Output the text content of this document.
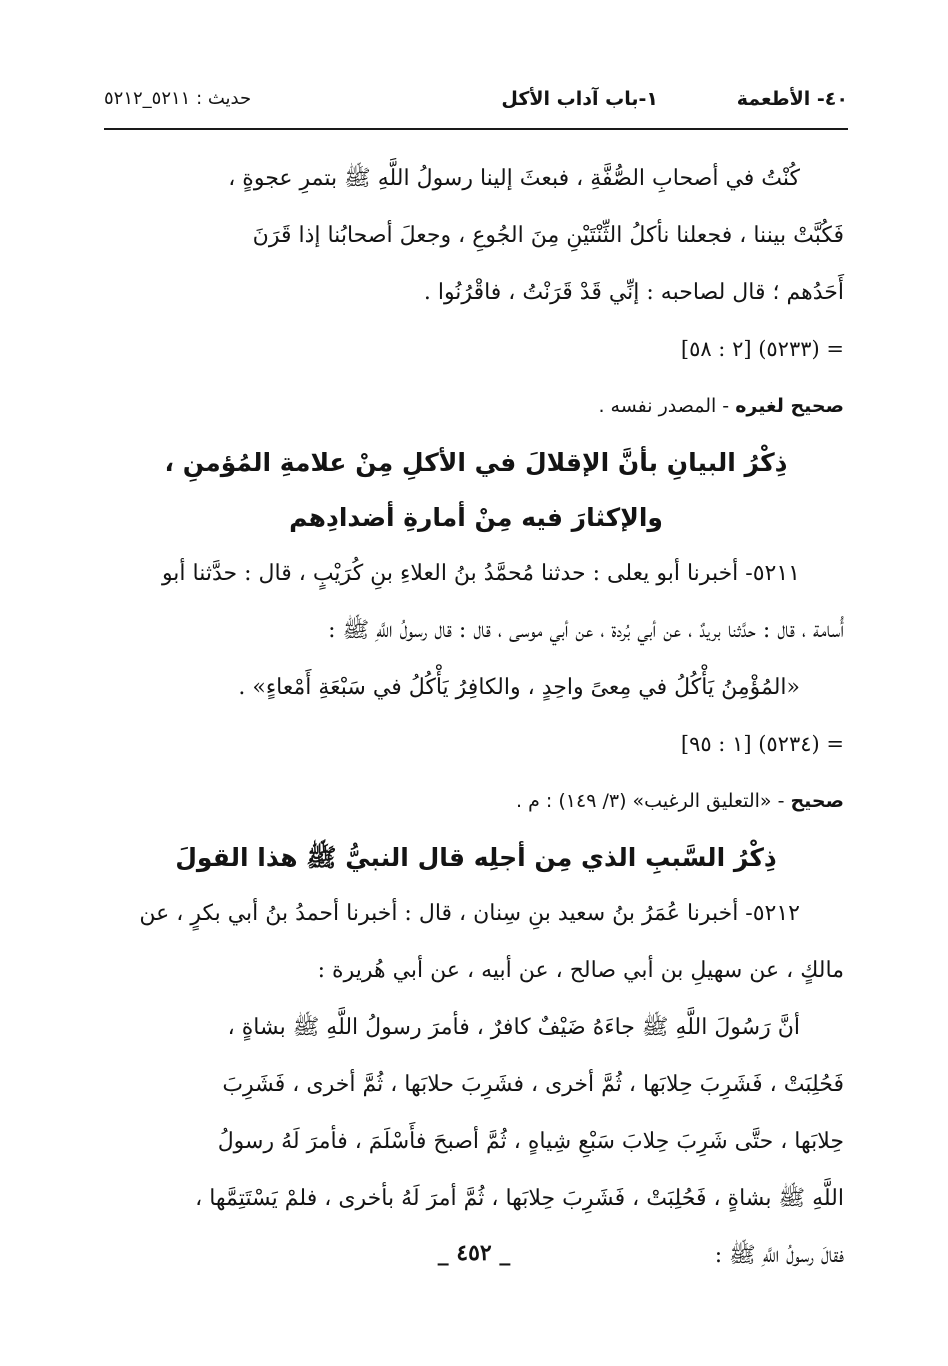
٤٠- الأطعمة
١-باب آداب الأكل
حديث : ٥٢١١_٥٢١٢

كُنْتُ في أصحابِ الصُّفَّةِ ، فبعثَ إلينا رسولُ اللَّهِ ﷺ بتمرِ عجوةٍ ،

فَكُبَّتْ بيننا ، فجعلنا نأكلُ الثِّنْتَيْنِ مِنَ الجُوعِ ، وجعلَ أصحابُنا إذا قَرَنَ

أَحَدُهم ؛ قال لصاحبه : إنِّي قَدْ قَرَنْتُ ، فاقْرُنُوا .

= (٥٢٣٣) [٢ : ٥٨]

صحيح لغيره - المصدر نفسه .

ذِكْرُ البيانِ بأنَّ الإقلالَ في الأكلِ مِنْ علامةِ المُؤمنِ ،

والإكثارَ فيه مِنْ أمارةِ أضدادِهم

٥٢١١- أخبرنا أبو يعلى : حدثنا مُحمَّدُ بنُ العلاءِ بنِ كُرَيْبٍ ، قال : حدَّثنا أبو

أُسامة ، قال : حدَّثنا بريدٌ ، عن أبي بُردة ، عن أبي موسى ، قال : قال رسولُ اللَّهِ ﷺ :

«المُؤْمِنُ يَأْكُلُ في مِعىً واحِدٍ ، والكافِرُ يَأْكُلُ في سَبْعَةِ أَمْعاءٍ» .

= (٥٢٣٤) [١ : ٩٥]

صحيح - «التعليق الرغيب» (٣/ ١٤٩) : م .

ذِكْرُ السَّببِ الذي مِن أجلِه قال النبيُّ ﷺ هذا القولَ

٥٢١٢- أخبرنا عُمَرُ بنُ سعيد بنِ سِنان ، قال : أخبرنا أحمدُ بنُ أبي بكرٍ ، عن

مالكٍ ، عن سهيلِ بن أبي صالح ، عن أبيه ، عن أبي هُريرة :

أنَّ رَسُولَ اللَّهِ ﷺ جاءَهُ ضَيْفٌ كافرٌ ، فأمرَ رسولُ اللَّهِ ﷺ بشاةٍ ،

فَحُلِبَتْ ، فَشَرِبَ حِلابَها ، ثُمَّ أخرى ، فشَرِبَ حلابَها ، ثُمَّ أخرى ، فَشَرِبَ

حِلابَها ، حتَّى شَرِبَ حِلابَ سَبْعِ شِياهٍ ، ثُمَّ أصبحَ فأَسْلَمَ ، فأمرَ لَهُ رسولُ

اللَّهِ ﷺ بشاةٍ ، فَحُلِبَتْ ، فَشَرِبَ حِلابَها ، ثُمَّ أمرَ لَهُ بأخرى ، فلمْ يَسْتَتِمَّها ،

فقالَ رسولُ اللَّهِ ﷺ :

_ ٤٥٢ _
